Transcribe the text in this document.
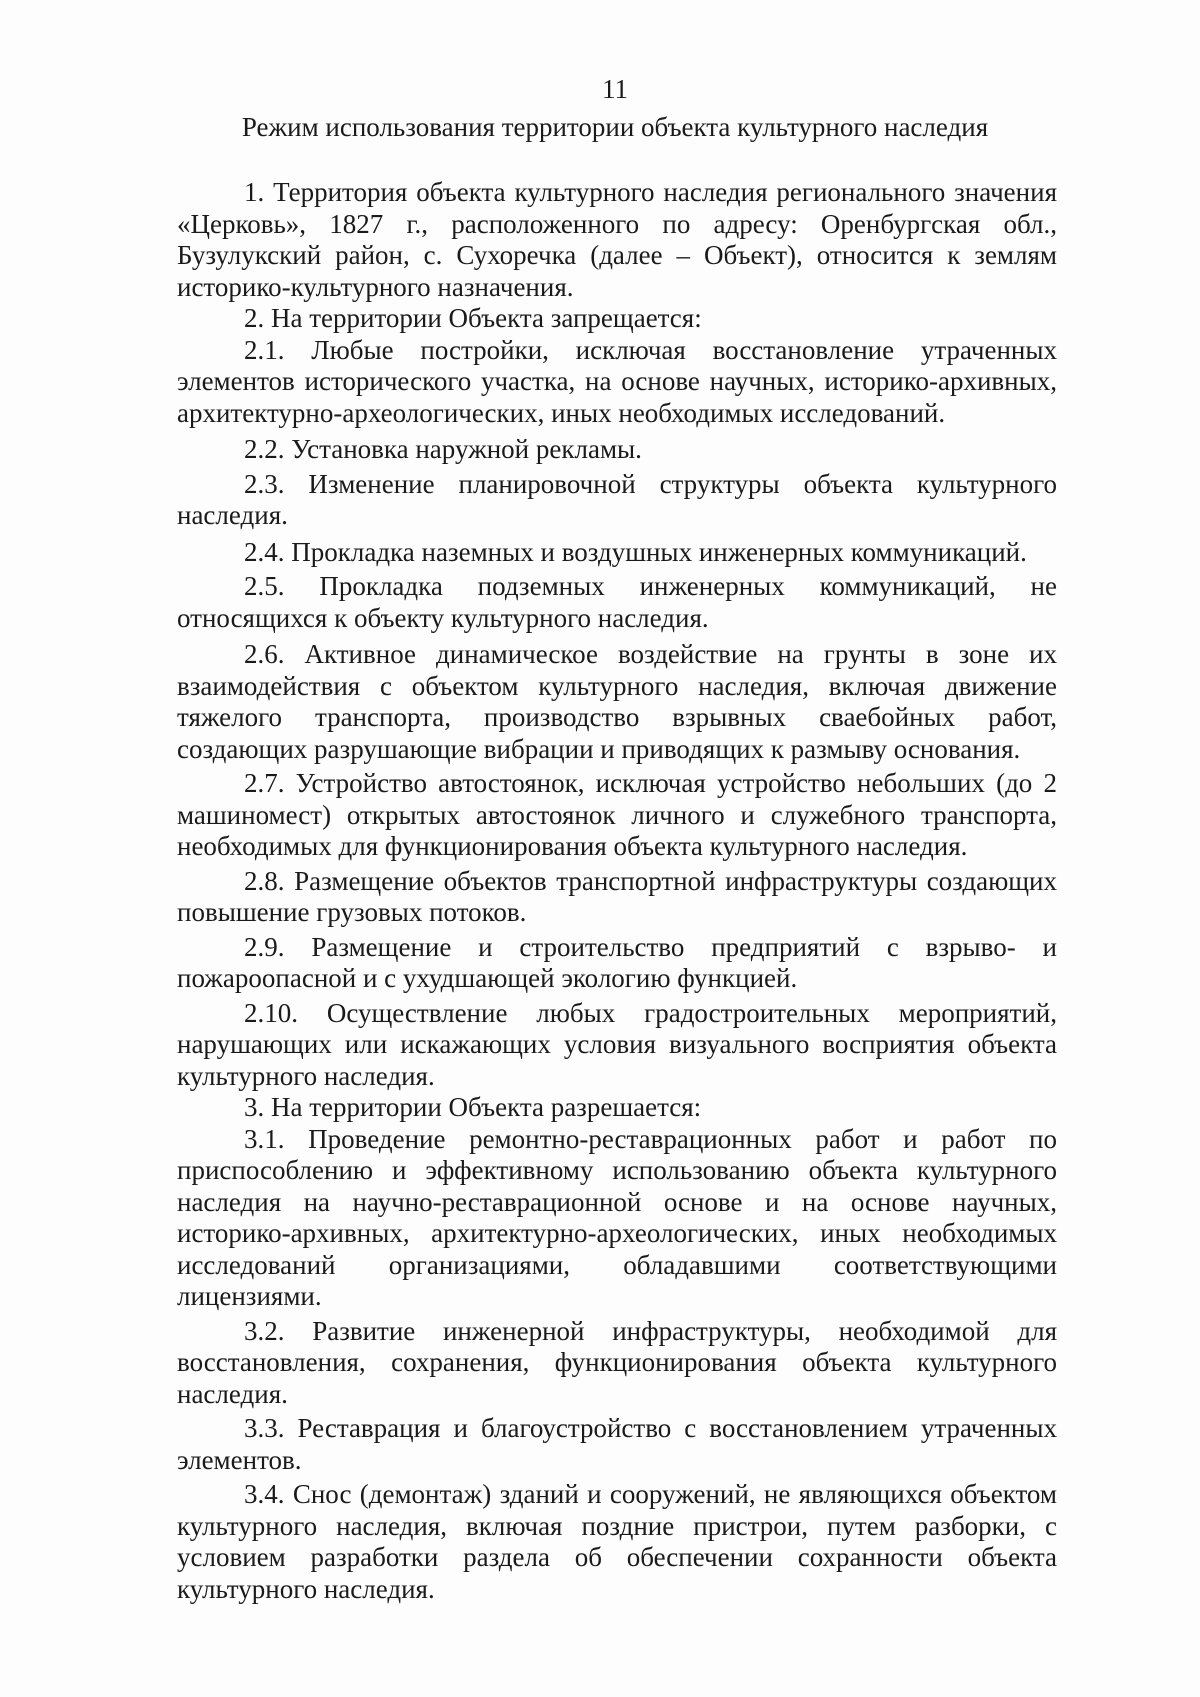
11
Режим использования территории объекта культурного наследия

1. Территория объекта культурного наследия регионального значения «Церковь», 1827 г., расположенного по адресу: Оренбургская обл., Бузулукский район, с. Сухоречка (далее – Объект), относится к землям историко-культурного назначения.

2. На территории Объекта запрещается:

2.1. Любые постройки, исключая восстановление утраченных элементов исторического участка, на основе научных, историко-архивных, архитектурно-археологических, иных необходимых исследований.

2.2. Установка наружной рекламы.

2.3. Изменение планировочной структуры объекта культурного наследия.

2.4. Прокладка наземных и воздушных инженерных коммуникаций.

2.5. Прокладка подземных инженерных коммуникаций, не относящихся к объекту культурного наследия.

2.6. Активное динамическое воздействие на грунты в зоне их взаимодействия с объектом культурного наследия, включая движение тяжелого транспорта, производство взрывных сваебойных работ, создающих разрушающие вибрации и приводящих к размыву основания.

2.7. Устройство автостоянок, исключая устройство небольших (до 2 машиномест) открытых автостоянок личного и служебного транспорта, необходимых для функционирования объекта культурного наследия.

2.8. Размещение объектов транспортной инфраструктуры создающих повышение грузовых потоков.

2.9. Размещение и строительство предприятий с взрыво- и пожароопасной и с ухудшающей экологию функцией.

2.10. Осуществление любых градостроительных мероприятий, нарушающих или искажающих условия визуального восприятия объекта культурного наследия.

3. На территории Объекта разрешается:

3.1. Проведение ремонтно-реставрационных работ и работ по приспособлению и эффективному использованию объекта культурного наследия на научно-реставрационной основе и на основе научных, историко-архивных, архитектурно-археологических, иных необходимых исследований организациями, обладавшими соответствующими лицензиями.

3.2. Развитие инженерной инфраструктуры, необходимой для восстановления, сохранения, функционирования объекта культурного наследия.

3.3. Реставрация и благоустройство с восстановлением утраченных элементов.

3.4. Снос (демонтаж) зданий и сооружений, не являющихся объектом культурного наследия, включая поздние пристрои, путем разборки, с условием разработки раздела об обеспечении сохранности объекта культурного наследия.
